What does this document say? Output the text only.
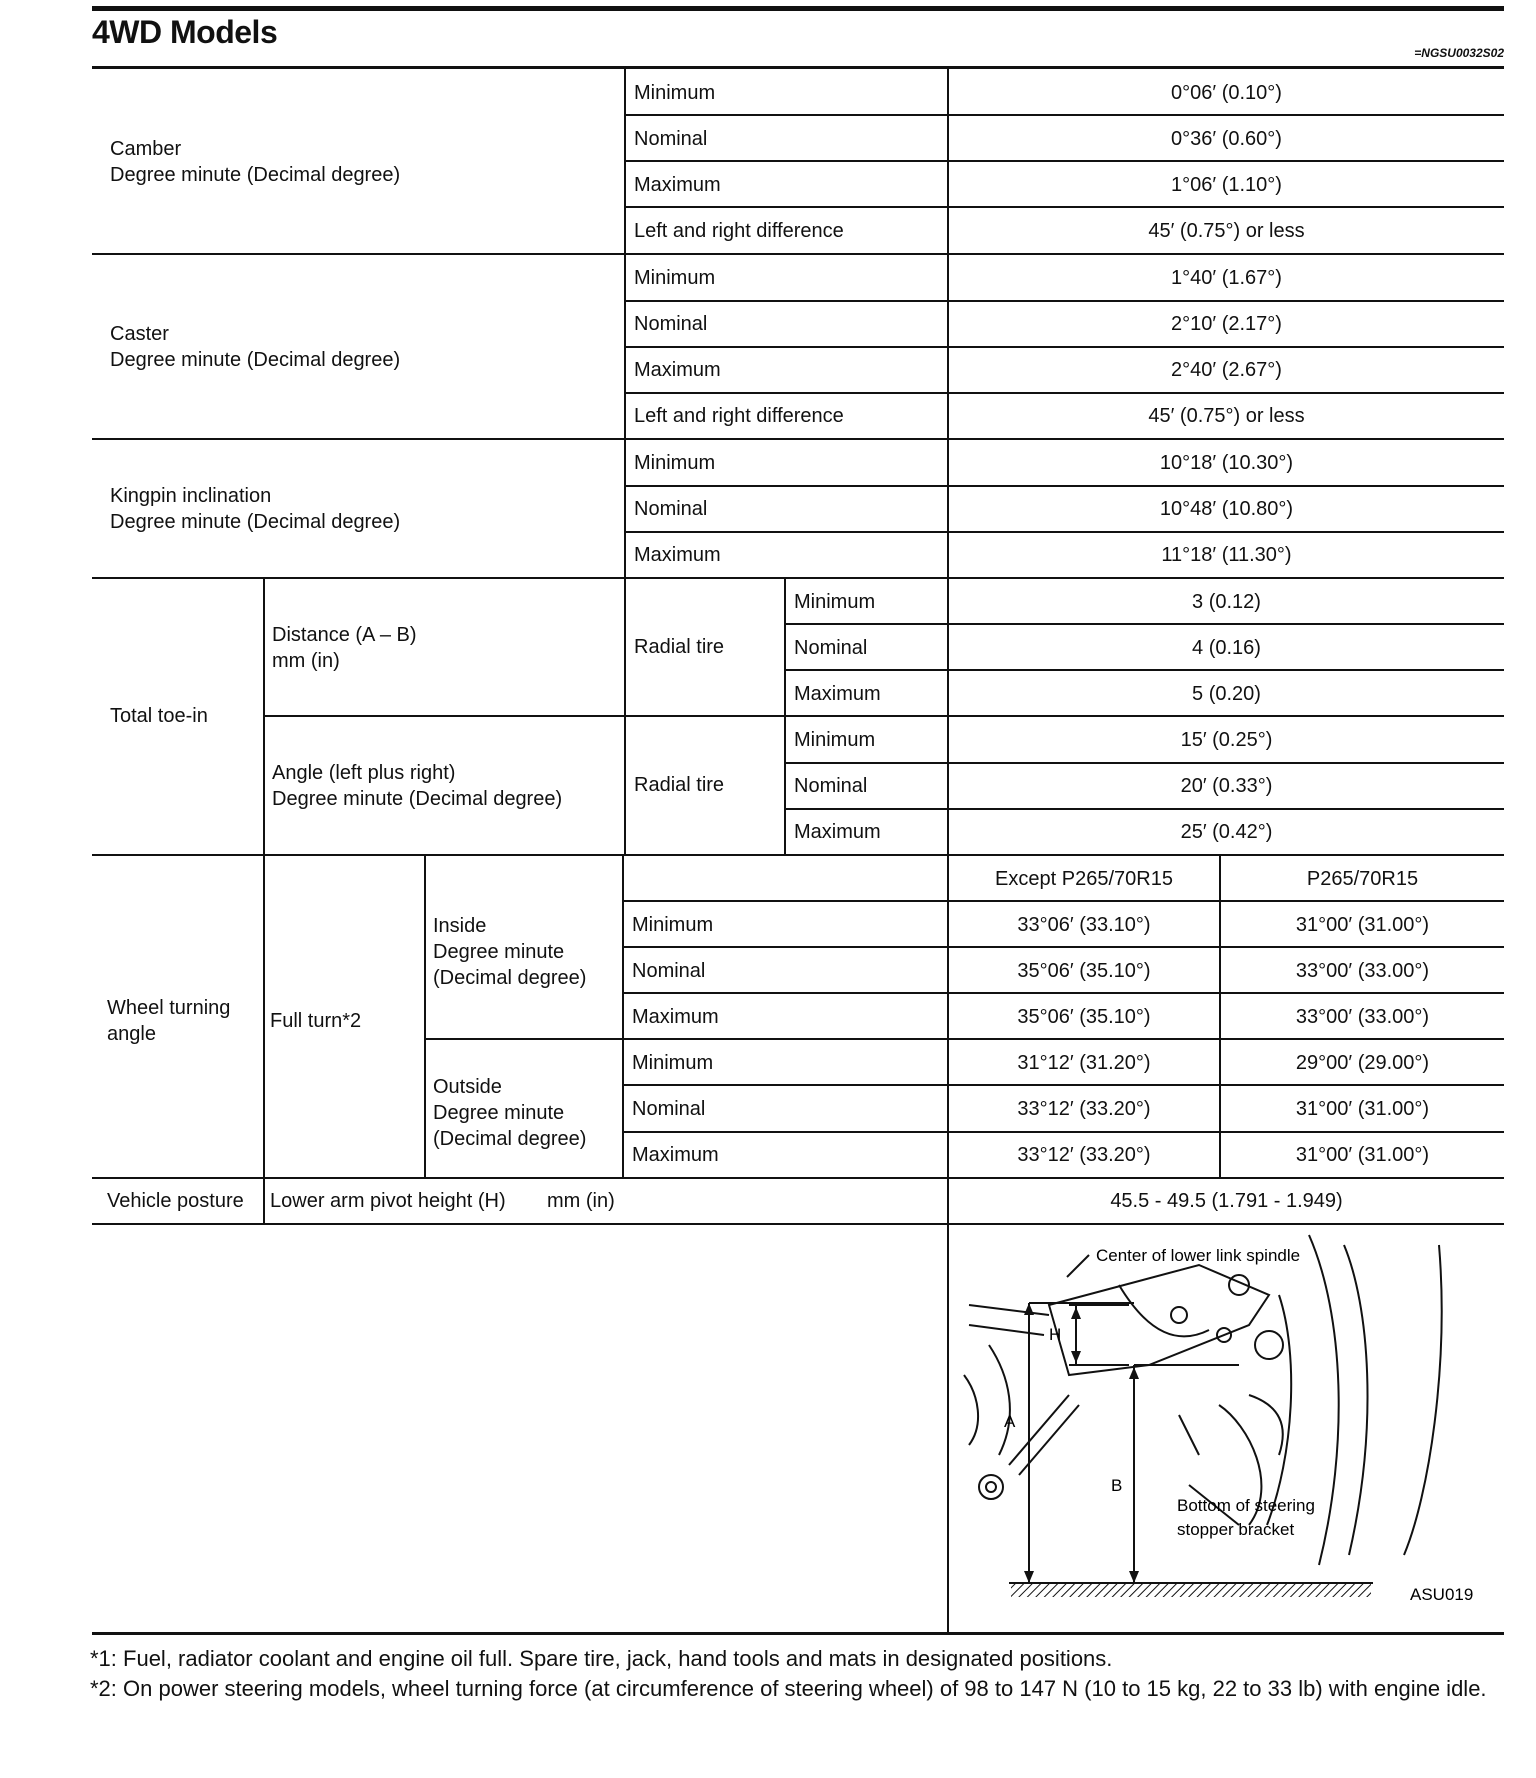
4WD Models
=NGSU0032S02
Camber
Degree minute (Decimal degree)
Minimum	0°06′ (0.10°)
Nominal	0°36′ (0.60°)
Maximum	1°06′ (1.10°)
Left and right difference	45′ (0.75°) or less
Caster
Degree minute (Decimal degree)
Minimum	1°40′ (1.67°)
Nominal	2°10′ (2.17°)
Maximum	2°40′ (2.67°)
Left and right difference	45′ (0.75°) or less
Kingpin inclination
Degree minute (Decimal degree)
Minimum	10°18′ (10.30°)
Nominal	10°48′ (10.80°)
Maximum	11°18′ (11.30°)
Total toe-in
Distance (A – B)
mm (in)
Radial tire
Minimum	3 (0.12)
Nominal	4 (0.16)
Maximum	5 (0.20)
Angle (left plus right)
Degree minute (Decimal degree)
Radial tire
Minimum	15′ (0.25°)
Nominal	20′ (0.33°)
Maximum	25′ (0.42°)
Wheel turning
angle
Full turn*2
Except P265/70R15	P265/70R15
Inside
Degree minute
(Decimal degree)
Minimum	33°06′ (33.10°)	31°00′ (31.00°)
Nominal	35°06′ (35.10°)	33°00′ (33.00°)
Maximum	35°06′ (35.10°)	33°00′ (33.00°)
Outside
Degree minute
(Decimal degree)
Minimum	31°12′ (31.20°)	29°00′ (29.00°)
Nominal	33°12′ (33.20°)	31°00′ (31.00°)
Maximum	33°12′ (33.20°)	31°00′ (31.00°)
Vehicle posture Lower arm pivot height (H) mm (in)	45.5 - 49.5 (1.791 - 1.949)
Center of lower link spindle
H
A
B
Bottom of steering
stopper bracket
ASU019
*1: Fuel, radiator coolant and engine oil full. Spare tire, jack, hand tools and mats in designated positions.
*2: On power steering models, wheel turning force (at circumference of steering wheel) of 98 to 147 N (10 to 15 kg, 22 to 33 lb) with engine idle.
